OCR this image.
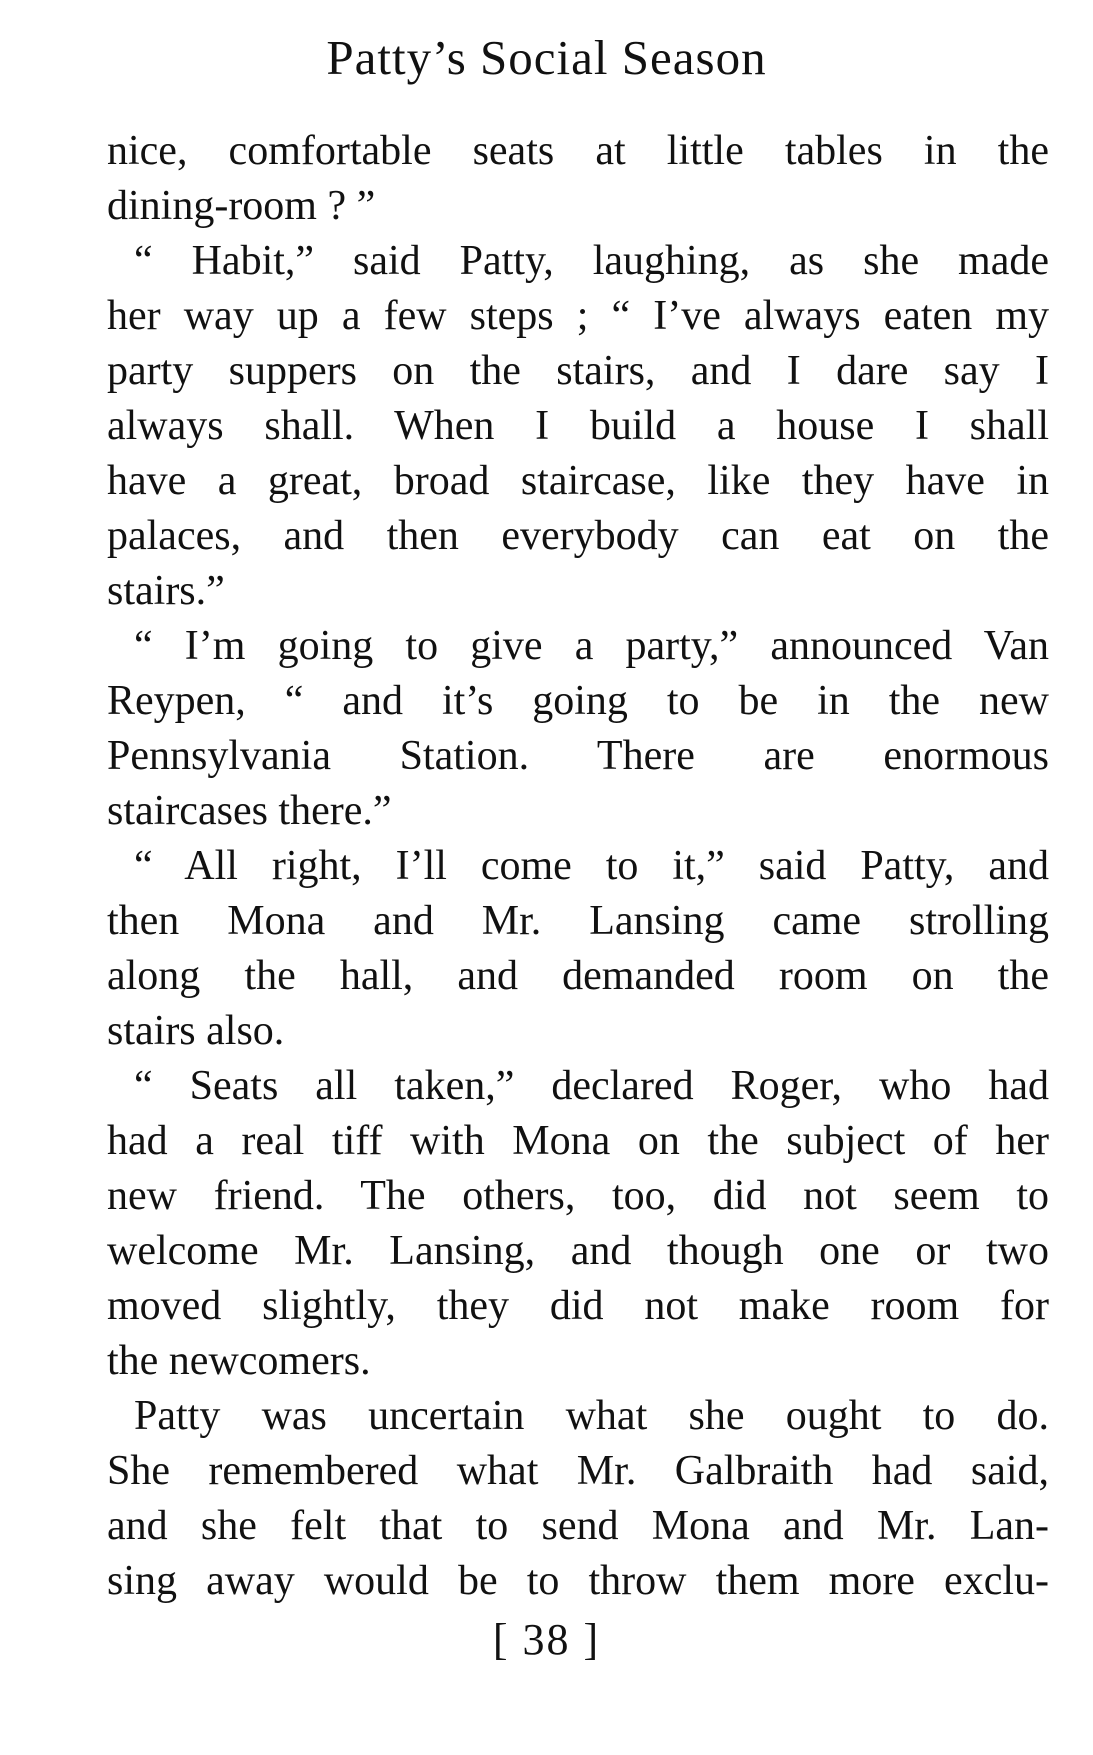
Patty’s Social Season
nice, comfortable seats at little tables in the
dining-room ? ”
“ Habit,” said Patty, laughing, as she made
her way up a few steps ; “ I’ve always eaten my
party suppers on the stairs, and I dare say I
always shall. When I build a house I shall
have a great, broad staircase, like they have in
palaces, and then everybody can eat on the
stairs.”
“ I’m going to give a party,” announced Van
Reypen, “ and it’s going to be in the new
Pennsylvania Station. There are enormous
staircases there.”
“ All right, I’ll come to it,” said Patty, and
then Mona and Mr. Lansing came strolling
along the hall, and demanded room on the
stairs also.
“ Seats all taken,” declared Roger, who had
had a real tiff with Mona on the subject of her
new friend. The others, too, did not seem to
welcome Mr. Lansing, and though one or two
moved slightly, they did not make room for
the newcomers.
Patty was uncertain what she ought to do.
She remembered what Mr. Galbraith had said,
and she felt that to send Mona and Mr. Lan-
sing away would be to throw them more exclu-
[ 38 ]
